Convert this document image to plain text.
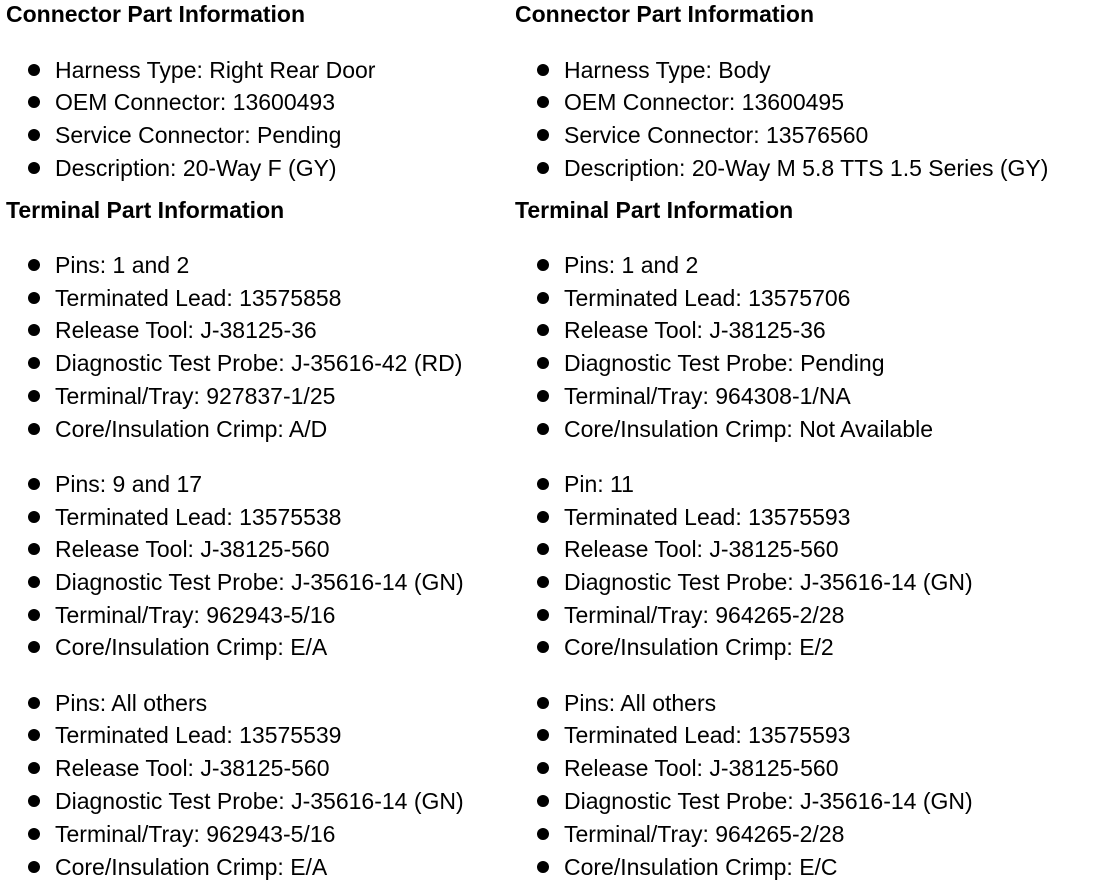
Connector Part Information
Harness Type: Right Rear Door
OEM Connector: 13600493
Service Connector: Pending
Description: 20-Way F (GY)
Terminal Part Information
Pins: 1 and 2
Terminated Lead: 13575858
Release Tool: J-38125-36
Diagnostic Test Probe: J-35616-42 (RD)
Terminal/Tray: 927837-1/25
Core/Insulation Crimp: A/D
Pins: 9 and 17
Terminated Lead: 13575538
Release Tool: J-38125-560
Diagnostic Test Probe: J-35616-14 (GN)
Terminal/Tray: 962943-5/16
Core/Insulation Crimp: E/A
Pins: All others
Terminated Lead: 13575539
Release Tool: J-38125-560
Diagnostic Test Probe: J-35616-14 (GN)
Terminal/Tray: 962943-5/16
Core/Insulation Crimp: E/A
Connector Part Information
Harness Type: Body
OEM Connector: 13600495
Service Connector: 13576560
Description: 20-Way M 5.8 TTS 1.5 Series (GY)
Terminal Part Information
Pins: 1 and 2
Terminated Lead: 13575706
Release Tool: J-38125-36
Diagnostic Test Probe: Pending
Terminal/Tray: 964308-1/NA
Core/Insulation Crimp: Not Available
Pin: 11
Terminated Lead: 13575593
Release Tool: J-38125-560
Diagnostic Test Probe: J-35616-14 (GN)
Terminal/Tray: 964265-2/28
Core/Insulation Crimp: E/2
Pins: All others
Terminated Lead: 13575593
Release Tool: J-38125-560
Diagnostic Test Probe: J-35616-14 (GN)
Terminal/Tray: 964265-2/28
Core/Insulation Crimp: E/C
